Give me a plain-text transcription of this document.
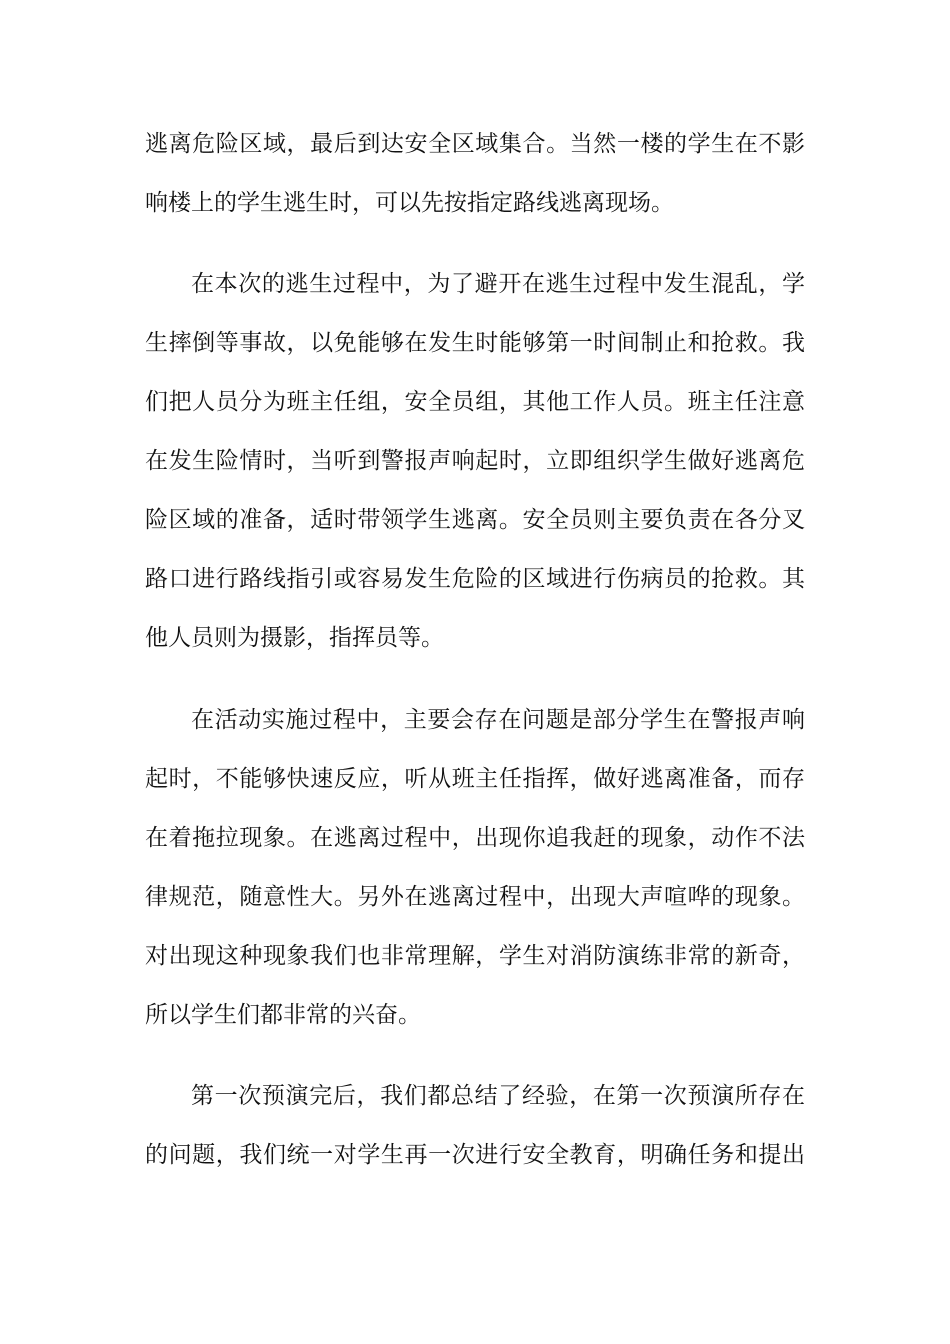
逃离危险区域，最后到达安全区域集合。当然一楼的学生在不影
响楼上的学生逃生时，可以先按指定路线逃离现场。
在本次的逃生过程中，为了避开在逃生过程中发生混乱，学
生摔倒等事故，以免能够在发生时能够第一时间制止和抢救。我
们把人员分为班主任组，安全员组，其他工作人员。班主任注意
在发生险情时，当听到警报声响起时，立即组织学生做好逃离危
险区域的准备，适时带领学生逃离。安全员则主要负责在各分叉
路口进行路线指引或容易发生危险的区域进行伤病员的抢救。其
他人员则为摄影，指挥员等。
在活动实施过程中，主要会存在问题是部分学生在警报声响
起时，不能够快速反应，听从班主任指挥，做好逃离准备，而存
在着拖拉现象。在逃离过程中，出现你追我赶的现象，动作不法
律规范，随意性大。另外在逃离过程中，出现大声喧哗的现象。
对出现这种现象我们也非常理解，学生对消防演练非常的新奇，
所以学生们都非常的兴奋。
第一次预演完后，我们都总结了经验，在第一次预演所存在
的问题，我们统一对学生再一次进行安全教育，明确任务和提出
